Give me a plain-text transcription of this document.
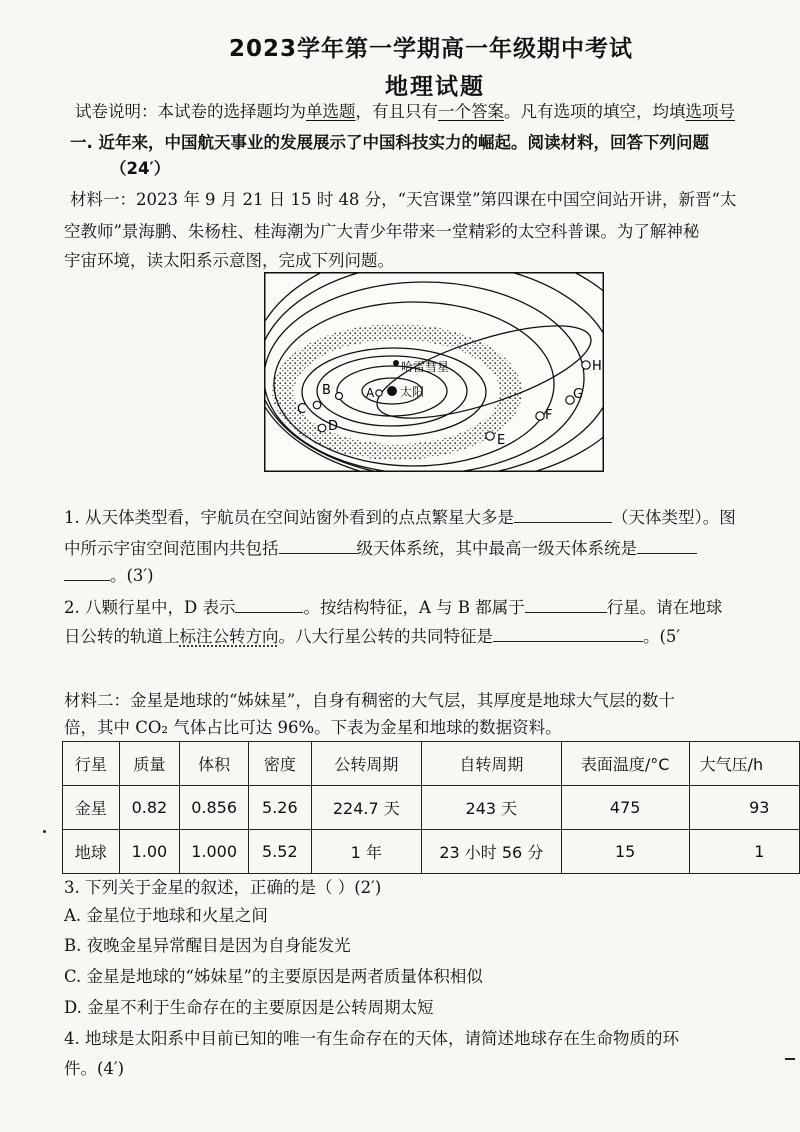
2023学年第一学期高一年级期中考试
地理试题
试卷说明：本试卷的选择题均为单选题，有且只有一个答案。凡有选项的填空，均填选项号
一. 近年来，中国航天事业的发展展示了中国科技实力的崛起。阅读材料，回答下列问题
（24′）
材料一：2023 年 9 月 21 日 15 时 48 分，“天宫课堂”第四课在中国空间站开讲，新晋“太
空教师”景海鹏、朱杨柱、桂海潮为广大青少年带来一堂精彩的太空科普课。为了解神秘
宇宙环境，读太阳系示意图，完成下列问题。
哈雷彗星
太阳
A
B
C
D
E
F
G
H
1. 从天体类型看，宇航员在空间站窗外看到的点点繁星大多是	（天体类型）。图
中所示宇宙空间范围内共包括	级天体系统，其中最高一级天体系统是
。(3′)
2. 八颗行星中，D 表示	。按结构特征，A 与 B 都属于	行星。请在地球
日公转的轨道上标注公转方向。八大行星公转的共同特征是	。(5′
材料二：金星是地球的“姊妹星”，自身有稠密的大气层，其厚度是地球大气层的数十
倍，其中 CO₂ 气体占比可达 96%。下表为金星和地球的数据资料。
行星	质量	体积	密度	公转周期	自转周期	表面温度/°C	大气压/h
金星	0.82	0.856	5.26	224.7 天	243 天	475	93
地球	1.00	1.000	5.52	1 年	23 小时 56 分	15	1
3. 下列关于金星的叙述，正确的是（ ）(2′)
A. 金星位于地球和火星之间
B. 夜晚金星异常醒目是因为自身能发光
C. 金星是地球的“姊妹星”的主要原因是两者质量体积相似
D. 金星不利于生命存在的主要原因是公转周期太短
4. 地球是太阳系中目前已知的唯一有生命存在的天体，请简述地球存在生命物质的环
件。(4′)
